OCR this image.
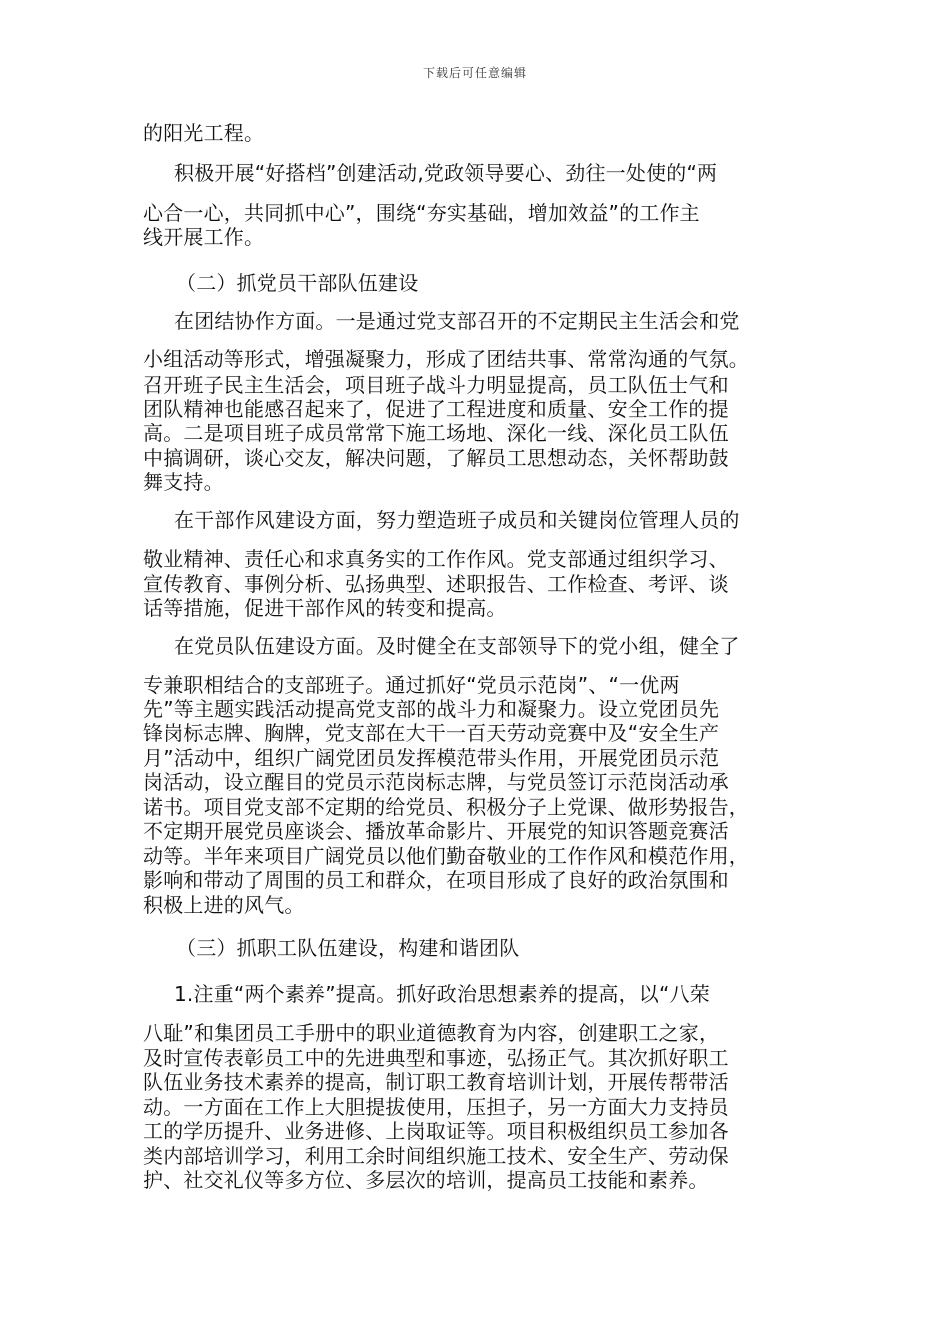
下载后可任意编辑
的阳光工程。
积极开展“好搭档”创建活动,党政领导要心、劲往一处使的“两
心合一心，共同抓中心”，围绕“夯实基础，增加效益”的工作主
线开展工作。
（二）抓党员干部队伍建设
在团结协作方面。一是通过党支部召开的不定期民主生活会和党
小组活动等形式，增强凝聚力，形成了团结共事、常常沟通的气氛。
召开班子民主生活会，项目班子战斗力明显提高，员工队伍士气和
团队精神也能感召起来了，促进了工程进度和质量、安全工作的提
高。二是项目班子成员常常下施工场地、深化一线、深化员工队伍
中搞调研，谈心交友，解决问题，了解员工思想动态，关怀帮助鼓
舞支持。
在干部作风建设方面，努力塑造班子成员和关键岗位管理人员的
敬业精神、责任心和求真务实的工作作风。党支部通过组织学习、
宣传教育、事例分析、弘扬典型、述职报告、工作检查、考评、谈
话等措施，促进干部作风的转变和提高。
在党员队伍建设方面。及时健全在支部领导下的党小组，健全了
专兼职相结合的支部班子。通过抓好“党员示范岗”、“一优两
先”等主题实践活动提高党支部的战斗力和凝聚力。设立党团员先
锋岗标志牌、胸牌，党支部在大干一百天劳动竞赛中及“安全生产
月”活动中，组织广阔党团员发挥模范带头作用，开展党团员示范
岗活动，设立醒目的党员示范岗标志牌，与党员签订示范岗活动承
诺书。项目党支部不定期的给党员、积极分子上党课、做形势报告，
不定期开展党员座谈会、播放革命影片、开展党的知识答题竞赛活
动等。半年来项目广阔党员以他们勤奋敬业的工作作风和模范作用，
影响和带动了周围的员工和群众，在项目形成了良好的政治氛围和
积极上进的风气。
（三）抓职工队伍建设，构建和谐团队
1.注重“两个素养”提高。抓好政治思想素养的提高，以“八荣
八耻”和集团员工手册中的职业道德教育为内容，创建职工之家，
及时宣传表彰员工中的先进典型和事迹，弘扬正气。其次抓好职工
队伍业务技术素养的提高，制订职工教育培训计划，开展传帮带活
动。一方面在工作上大胆提拔使用，压担子，另一方面大力支持员
工的学历提升、业务进修、上岗取证等。项目积极组织员工参加各
类内部培训学习，利用工余时间组织施工技术、安全生产、劳动保
护、社交礼仪等多方位、多层次的培训，提高员工技能和素养。
